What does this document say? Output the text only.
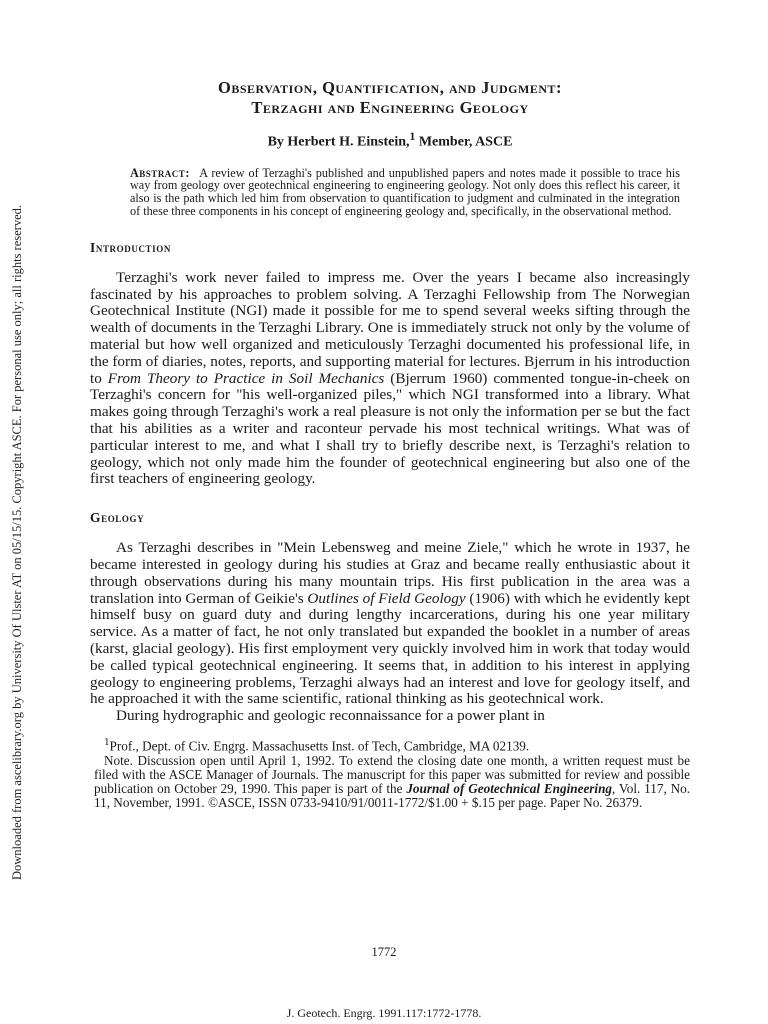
Downloaded from ascelibrary.org by University Of Ulster AT on 05/15/15. Copyright ASCE. For personal use only; all rights reserved.

Observation, Quantification, and Judgment:

Terzaghi and Engineering Geology

By Herbert H. Einstein,$^1$ Member, ASCE
Abstract: A review of Terzaghi's published and unpublished papers and notes made it possible to trace his way from geology over geotechnical engineering to engineering geology. Not only does this reflect his career, it also is the path which led him from observation to quantification to judgment and culminated in the integration of these three components in his concept of engineering geology and, specifically, in the observational method.
Introduction

Terzaghi's work never failed to impress me. Over the years I became also increasingly fascinated by his approaches to problem solving. A Terzaghi Fellowship from The Norwegian Geotechnical Institute (NGI) made it possible for me to spend several weeks sifting through the wealth of documents in the Terzaghi Library. One is immediately struck not only by the volume of material but how well organized and meticulously Terzaghi documented his professional life, in the form of diaries, notes, reports, and supporting material for lectures. Bjerrum in his introduction to From Theory to Practice in Soil Mechanics (Bjerrum 1960) commented tongue-in-cheek on Terzaghi's concern for "his well-organized piles," which NGI transformed into a library. What makes going through Terzaghi's work a real pleasure is not only the information per se but the fact that his abilities as a writer and raconteur pervade his most technical writings. What was of particular interest to me, and what I shall try to briefly describe next, is Terzaghi's relation to geology, which not only made him the founder of geotechnical engineering but also one of the first teachers of engineering geology.

Geology

As Terzaghi describes in "Mein Lebensweg and meine Ziele," which he wrote in 1937, he became interested in geology during his studies at Graz and became really enthusiastic about it through observations during his many mountain trips. His first publication in the area was a translation into German of Geikie's Outlines of Field Geology (1906) with which he evidently kept himself busy on guard duty and during lengthy incarcerations, during his one year military service. As a matter of fact, he not only translated but expanded the booklet in a number of areas (karst, glacial geology). His first employment very quickly involved him in work that today would be called typical geotechnical engineering. It seems that, in addition to his interest in applying geology to engineering problems, Terzaghi always had an interest and love for geology itself, and he approached it with the same scientific, rational thinking as his geotechnical work.

During hydrographic and geologic reconnaissance for a power plant in

$^1$Prof., Dept. of Civ. Engrg. Massachusetts Inst. of Tech, Cambridge, MA 02139.

Note. Discussion open until April 1, 1992. To extend the closing date one month, a written request must be filed with the ASCE Manager of Journals. The manuscript for this paper was submitted for review and possible publication on October 29, 1990. This paper is part of the Journal of Geotechnical Engineering, Vol. 117, No. 11, November, 1991. ©ASCE, ISSN 0733-9410/91/0011-1772/$1.00 + $.15 per page. Paper No. 26379.

1772
J. Geotech. Engrg. 1991.117:1772-1778.
